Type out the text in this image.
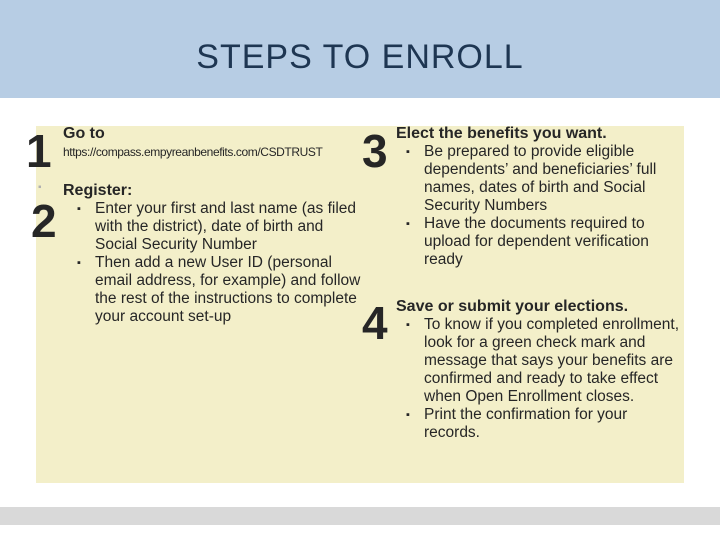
STEPS TO ENROLL
1 Go to
https://compass.empyreanbenefits.com/CSDTRUST
▪
2
Register:
▪ Enter your first and last name (as filed with the district), date of birth and Social Security Number
▪ Then add a new User ID (personal email address, for example) and follow the rest of the instructions to complete your account set-up
3 Elect the benefits you want.
▪ Be prepared to provide eligible dependents’ and beneficiaries’ full names, dates of birth and Social Security Numbers
▪ Have the documents required to upload for dependent verification ready
4 Save or submit your elections.
▪ To know if you completed enrollment, look for a green check mark and message that says your benefits are confirmed and ready to take effect when Open Enrollment closes.
▪ Print the confirmation for your records.
